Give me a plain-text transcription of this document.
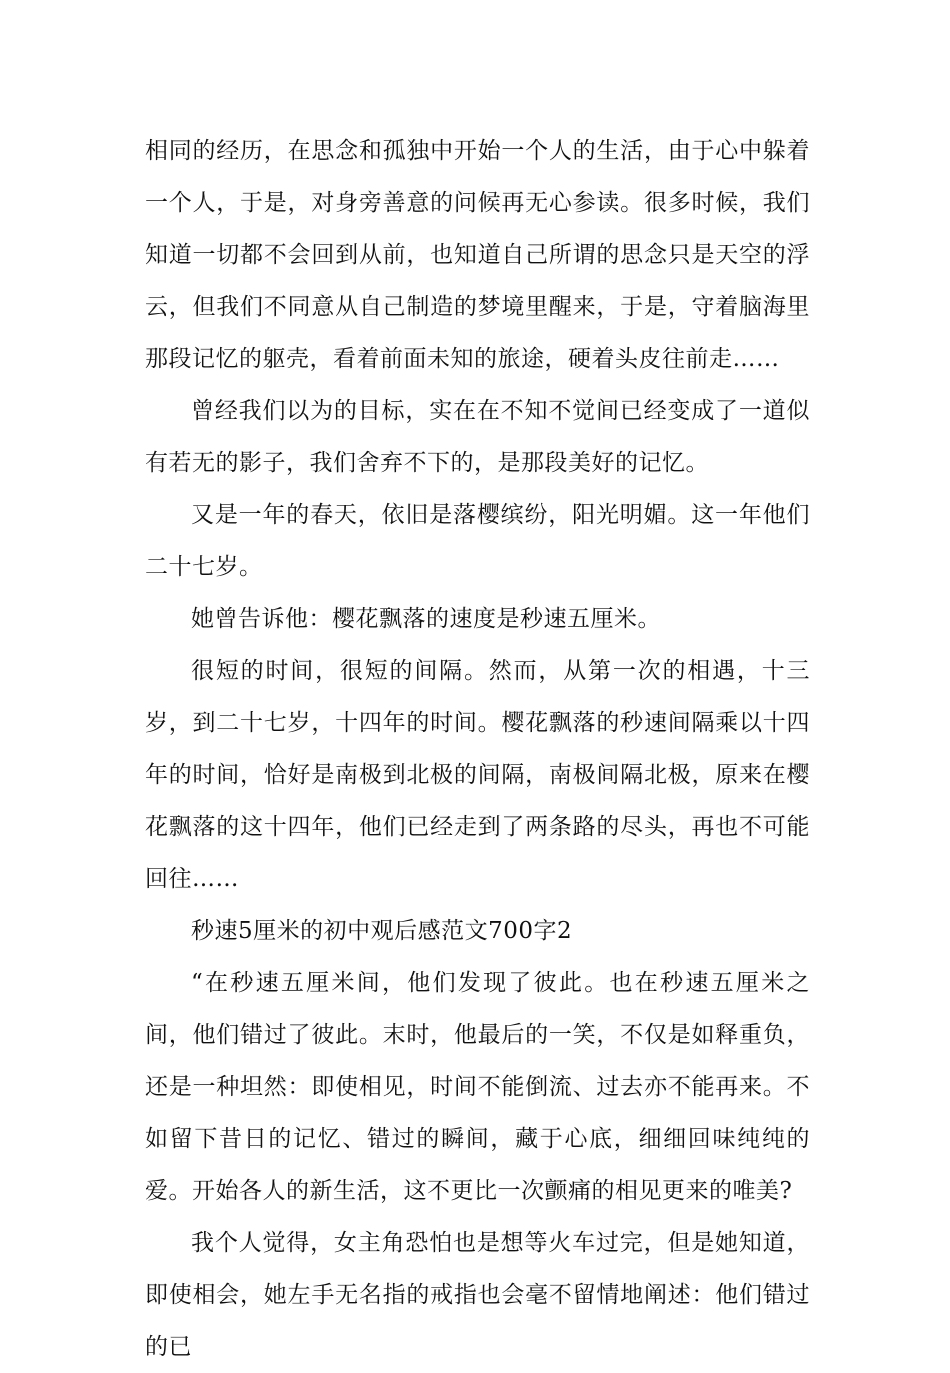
相同的经历，在思念和孤独中开始一个人的生活，由于心中躲着一个人，于是，对身旁善意的问候再无心参读。很多时候，我们知道一切都不会回到从前，也知道自己所谓的思念只是天空的浮云，但我们不同意从自己制造的梦境里醒来，于是，守着脑海里那段记忆的躯壳，看着前面未知的旅途，硬着头皮往前走……

曾经我们以为的目标，实在在不知不觉间已经变成了一道似有若无的影子，我们舍弃不下的，是那段美好的记忆。

又是一年的春天，依旧是落樱缤纷，阳光明媚。这一年他们二十七岁。

她曾告诉他：樱花飘落的速度是秒速五厘米。

很短的时间，很短的间隔。然而，从第一次的相遇，十三岁，到二十七岁，十四年的时间。樱花飘落的秒速间隔乘以十四年的时间，恰好是南极到北极的间隔，南极间隔北极，原来在樱花飘落的这十四年，他们已经走到了两条路的尽头，再也不可能回往……

秒速5厘米的初中观后感范文700字2

“在秒速五厘米间，他们发现了彼此。也在秒速五厘米之间，他们错过了彼此。末时，他最后的一笑，不仅是如释重负，还是一种坦然：即使相见，时间不能倒流、过去亦不能再来。不如留下昔日的记忆、错过的瞬间，藏于心底，细细回味纯纯的爱。开始各人的新生活，这不更比一次颤痛的相见更来的唯美?

我个人觉得，女主角恐怕也是想等火车过完，但是她知道，即使相会，她左手无名指的戒指也会毫不留情地阐述：他们错过的已
